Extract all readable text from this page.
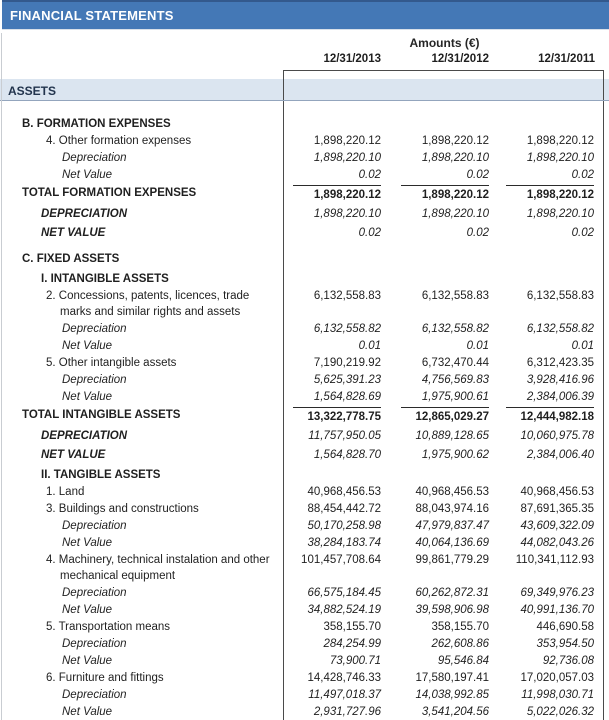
FINANCIAL STATEMENTS
Amounts (€)
12/31/2013	12/31/2012	12/31/2011
ASSETS
B. FORMATION EXPENSES
4. Other formation expenses	1,898,220.12	1,898,220.12	1,898,220.12
Depreciation	1,898,220.10	1,898,220.10	1,898,220.10
Net Value	0.02	0.02	0.02
TOTAL FORMATION EXPENSES	1,898,220.12	1,898,220.12	1,898,220.12
DEPRECIATION	1,898,220.10	1,898,220.10	1,898,220.10
NET VALUE	0.02	0.02	0.02
C. FIXED ASSETS
I. INTANGIBLE ASSETS
2. Concessions, patents, licences, trade marks and similar rights and assets
6,132,558.83	6,132,558.83	6,132,558.83
Depreciation	6,132,558.82	6,132,558.82	6,132,558.82
Net Value	0.01	0.01	0.01
5. Other intangible assets	7,190,219.92	6,732,470.44	6,312,423.35
Depreciation	5,625,391.23	4,756,569.83	3,928,416.96
Net Value	1,564,828.69	1,975,900.61	2,384,006.39
TOTAL INTANGIBLE ASSETS	13,322,778.75	12,865,029.27	12,444,982.18
DEPRECIATION	11,757,950.05	10,889,128.65	10,060,975.78
NET VALUE	1,564,828.70	1,975,900.62	2,384,006.40
II. TANGIBLE ASSETS
1. Land	40,968,456.53	40,968,456.53	40,968,456.53
3. Buildings and constructions	88,454,442.72	88,043,974.16	87,691,365.35
Depreciation	50,170,258.98	47,979,837.47	43,609,322.09
Net Value	38,284,183.74	40,064,136.69	44,082,043.26
4. Machinery, technical instalation and other mechanical equipment
101,457,708.64	99,861,779.29	110,341,112.93
Depreciation	66,575,184.45	60,262,872.31	69,349,976.23
Net Value	34,882,524.19	39,598,906.98	40,991,136.70
5. Transportation means	358,155.70	358,155.70	446,690.58
Depreciation	284,254.99	262,608.86	353,954.50
Net Value	73,900.71	95,546.84	92,736.08
6. Furniture and fittings	14,428,746.33	17,580,197.41	17,020,057.03
Depreciation	11,497,018.37	14,038,992.85	11,998,030.71
Net Value	2,931,727.96	3,541,204.56	5,022,026.32
